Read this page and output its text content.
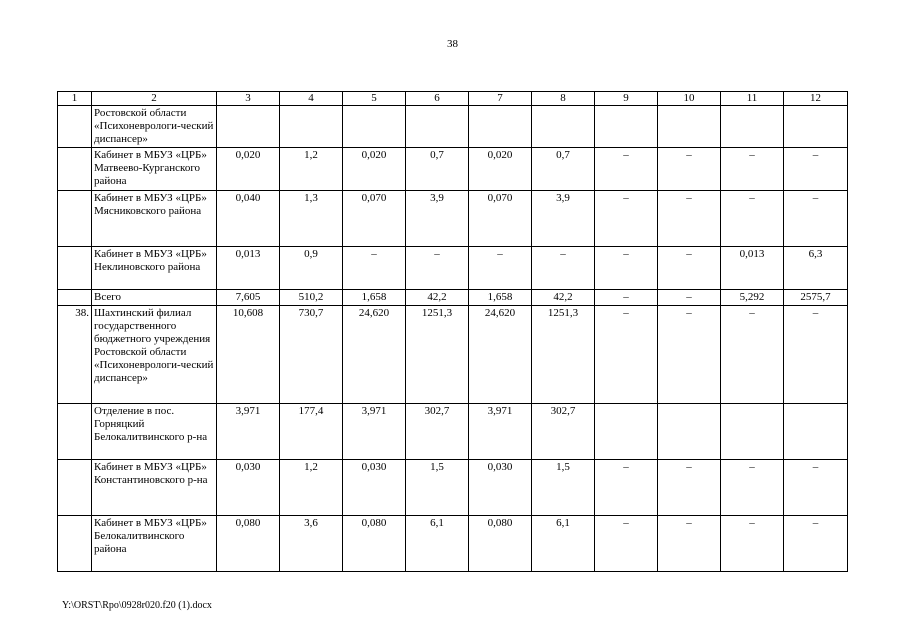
38
1	2	3	4	5	6	7	8	9	10	11	12
	Ростовской области «Психоневрологи-ческий диспансер»										
	Кабинет в МБУЗ «ЦРБ» Матвеево-Курганского района	0,020	1,2	0,020	0,7	0,020	0,7	–	–	–	–
	Кабинет в МБУЗ «ЦРБ» Мясниковского района	0,040	1,3	0,070	3,9	0,070	3,9	–	–	–	–
	Кабинет в МБУЗ «ЦРБ» Неклиновского района	0,013	0,9	–	–	–	–	–	–	0,013	6,3
	Всего	7,605	510,2	1,658	42,2	1,658	42,2	–	–	5,292	2575,7
38.	Шахтинский филиал государственного бюджетного учреждения Ростовской области «Психоневрологи-ческий диспансер»	10,608	730,7	24,620	1251,3	24,620	1251,3	–	–	–	–
	Отделение в пос. Горняцкий Белокалитвинского р-на	3,971	177,4	3,971	302,7	3,971	302,7				
	Кабинет в МБУЗ «ЦРБ» Константиновского р-на	0,030	1,2	0,030	1,5	0,030	1,5	–	–	–	–
	Кабинет в МБУЗ «ЦРБ» Белокалитвинского района	0,080	3,6	0,080	6,1	0,080	6,1	–	–	–	–
Y:\ORST\Rpo\0928r020.f20 (1).docx
